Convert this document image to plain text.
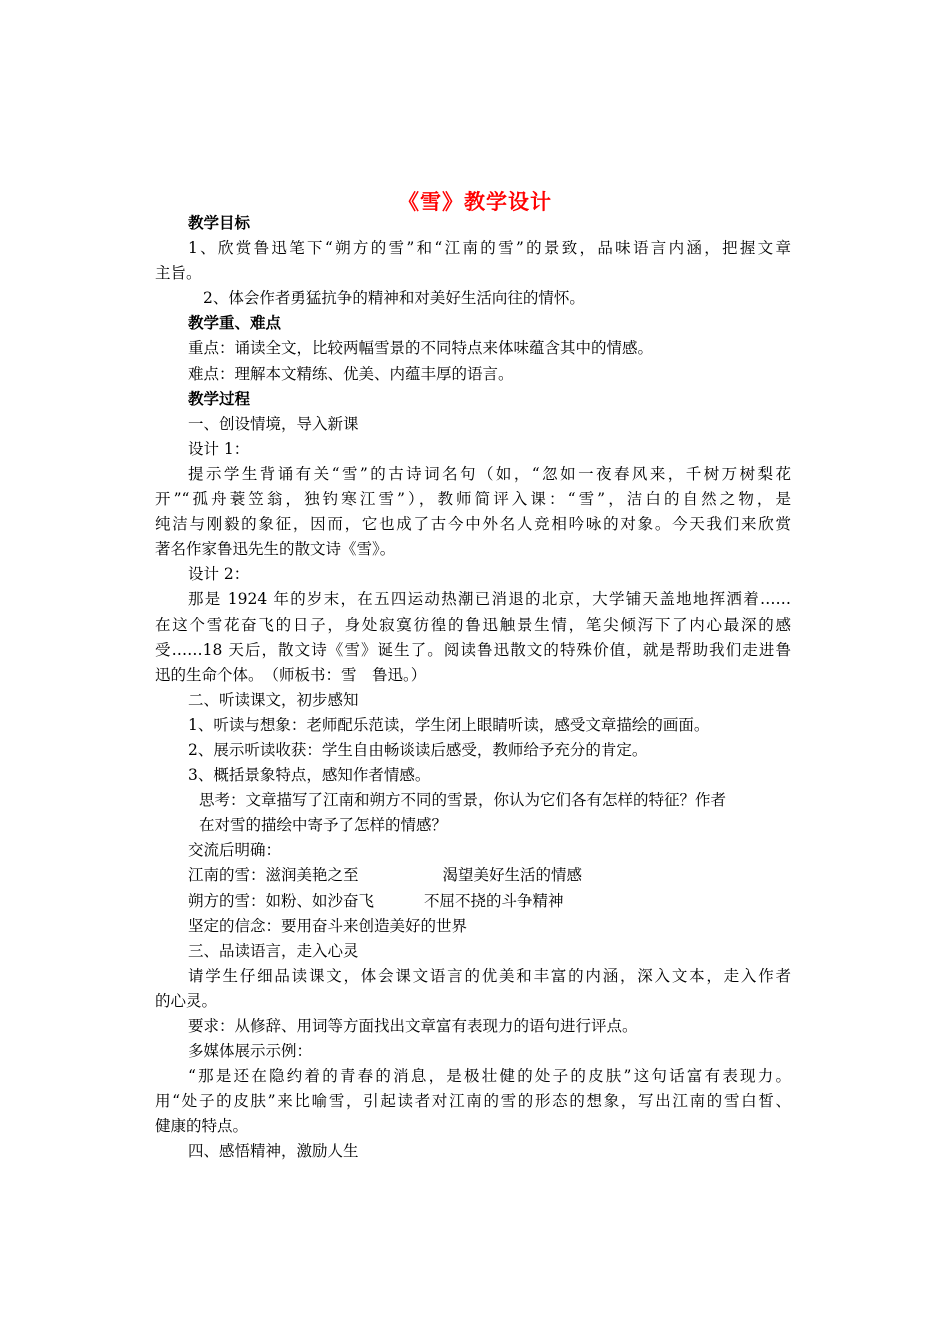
《雪》教学设计
教学目标
1、欣赏鲁迅笔下“朔方的雪”和“江南的雪”的景致，品味语言内涵，把握文章
主旨。
2、体会作者勇猛抗争的精神和对美好生活向往的情怀。
教学重、难点
重点：诵读全文，比较两幅雪景的不同特点来体味蕴含其中的情感。
难点：理解本文精练、优美、内蕴丰厚的语言。
教学过程
一、创设情境，导入新课
设计 1：
提示学生背诵有关“雪”的古诗词名句（如，“忽如一夜春风来，千树万树梨花
开”“孤舟蓑笠翁，独钓寒江雪”），教师简评入课：“雪”，洁白的自然之物，是
纯洁与刚毅的象征，因而，它也成了古今中外名人竞相吟咏的对象。今天我们来欣赏
著名作家鲁迅先生的散文诗《雪》。
设计 2：
那是 1924 年的岁末，在五四运动热潮已消退的北京，大学铺天盖地地挥洒着……
在这个雪花奋飞的日子，身处寂寞彷徨的鲁迅触景生情，笔尖倾泻下了内心最深的感
受……18 天后，散文诗《雪》诞生了。阅读鲁迅散文的特殊价值，就是帮助我们走进鲁
迅的生命个体。　（师板书：雪　鲁迅。）
二、听读课文，初步感知
1、听读与想象：老师配乐范读，学生闭上眼睛听读，感受文章描绘的画面。
2、展示听读收获：学生自由畅谈读后感受，教师给予充分的肯定。
3、概括景象特点，感知作者情感。
思考：文章描写了江南和朔方不同的雪景，你认为它们各有怎样的特征？作者
在对雪的描绘中寄予了怎样的情感？
交流后明确：
江南的雪：滋润美艳之至	渴望美好生活的情感
朔方的雪：如粉、如沙奋飞	不屈不挠的斗争精神
坚定的信念：要用奋斗来创造美好的世界
三、品读语言，走入心灵
请学生仔细品读课文，体会课文语言的优美和丰富的内涵，深入文本，走入作者
的心灵。
要求：从修辞、用词等方面找出文章富有表现力的语句进行评点。
多媒体展示示例：
“那是还在隐约着的青春的消息，是极壮健的处子的皮肤”这句话富有表现力。
用“处子的皮肤”来比喻雪，引起读者对江南的雪的形态的想象，写出江南的雪白皙、
健康的特点。
四、感悟精神，激励人生
